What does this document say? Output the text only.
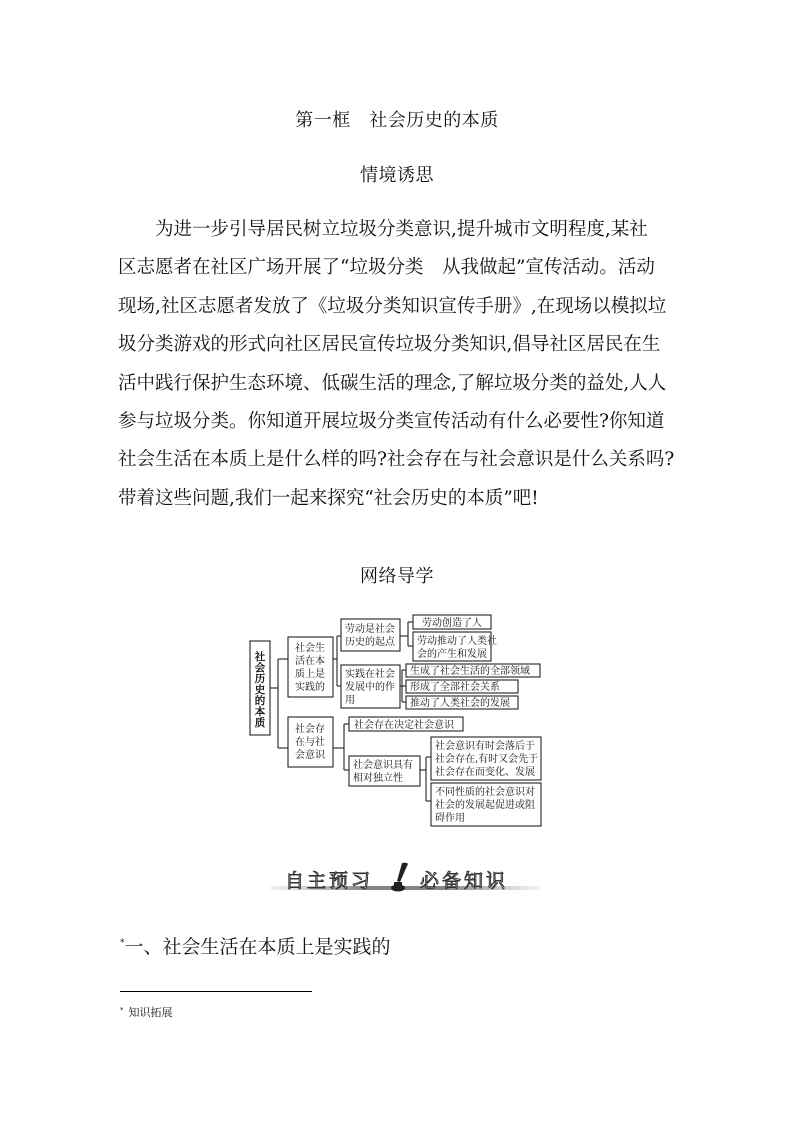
第一框　社会历史的本质
情境诱思
为进一步引导居民树立垃圾分类意识,提升城市文明程度,某社
区志愿者在社区广场开展了“垃圾分类　从我做起”宣传活动。活动
现场,社区志愿者发放了《垃圾分类知识宣传手册》,在现场以模拟垃
圾分类游戏的形式向社区居民宣传垃圾分类知识,倡导社区居民在生
活中践行保护生态环境、低碳生活的理念,了解垃圾分类的益处,人人
参与垃圾分类。你知道开展垃圾分类宣传活动有什么必要性?你知道
社会生活在本质上是什么样的吗?社会存在与社会意识是什么关系吗?
带着这些问题,我们一起来探究“社会历史的本质”吧!
网络导学
社
会
历
史
的
本
质
社会生
活在本
质上是
实践的
劳动是社会
历史的起点
劳动创造了人
劳动推动了人类社
会的产生和发展
实践在社会
发展中的作
用
生成了社会生活的全部领域
形成了全部社会关系
推动了人类社会的发展
社会存
在与社
会意识
社会存在决定社会意识
社会意识具有
相对独立性
社会意识有时会落后于
社会存在,有时又会先于
社会存在而变化、发展
不同性质的社会意识对
社会的发展起促进或阻
碍作用
自主预习 必备知识
*一、社会生活在本质上是实践的
* 知识拓展
